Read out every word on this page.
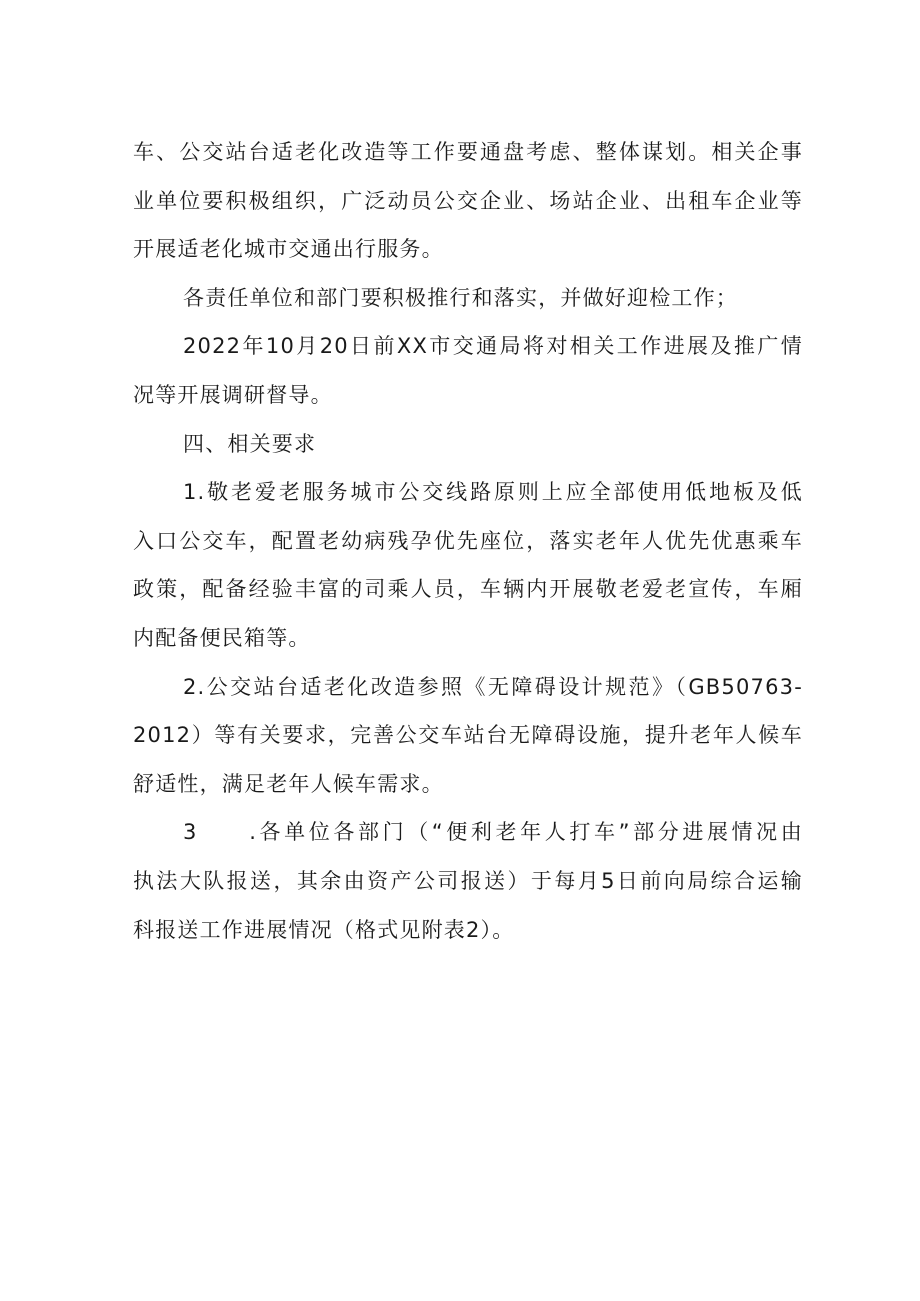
车、公交站台适老化改造等工作要通盘考虑、整体谋划。相关企事
业单位要积极组织，广泛动员公交企业、场站企业、出租车企业等
开展适老化城市交通出行服务。
各责任单位和部门要积极推行和落实，并做好迎检工作；
2022年10月20日前XX市交通局将对相关工作进展及推广情
况等开展调研督导。
四、相关要求
1.敬老爱老服务城市公交线路原则上应全部使用低地板及低
入口公交车，配置老幼病残孕优先座位，落实老年人优先优惠乘车
政策，配备经验丰富的司乘人员，车辆内开展敬老爱老宣传，车厢
内配备便民箱等。
2.公交站台适老化改造参照《无障碍设计规范》（GB50763-
2012）等有关要求，完善公交车站台无障碍设施，提升老年人候车
舒适性，满足老年人候车需求。
3　　.各单位各部门（“便利老年人打车”部分进展情况由
执法大队报送，其余由资产公司报送）于每月5日前向局综合运输
科报送工作进展情况（格式见附表2）。
